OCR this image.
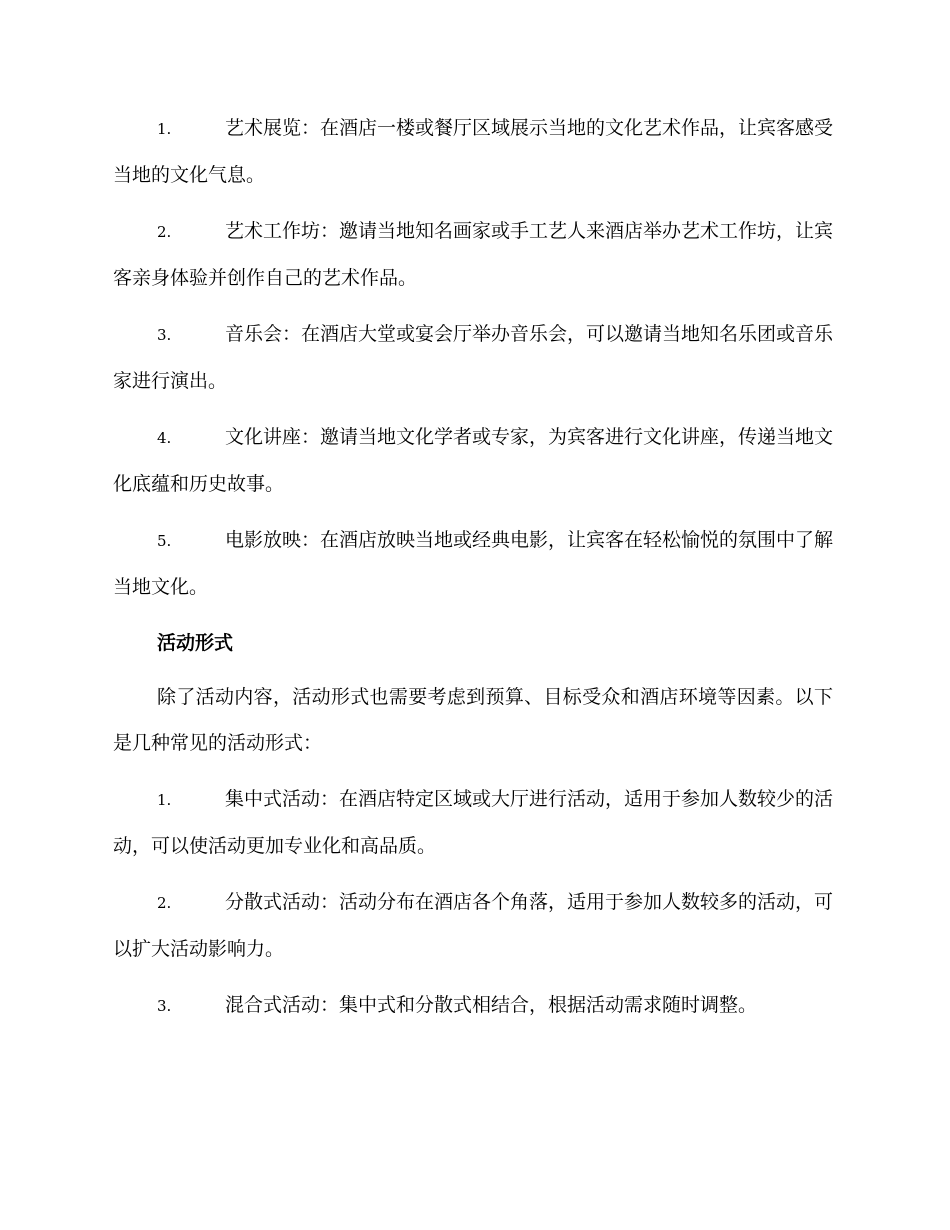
1.	艺术展览：在酒店一楼或餐厅区域展示当地的文化艺术作品，让宾客感受当地的文化气息。
2.	艺术工作坊：邀请当地知名画家或手工艺人来酒店举办艺术工作坊，让宾客亲身体验并创作自己的艺术作品。
3.	音乐会：在酒店大堂或宴会厅举办音乐会，可以邀请当地知名乐团或音乐家进行演出。
4.	文化讲座：邀请当地文化学者或专家，为宾客进行文化讲座，传递当地文化底蕴和历史故事。
5.	电影放映：在酒店放映当地或经典电影，让宾客在轻松愉悦的氛围中了解当地文化。
活动形式
除了活动内容，活动形式也需要考虑到预算、目标受众和酒店环境等因素。以下是几种常见的活动形式：
1.	集中式活动：在酒店特定区域或大厅进行活动，适用于参加人数较少的活动，可以使活动更加专业化和高品质。
2.	分散式活动：活动分布在酒店各个角落，适用于参加人数较多的活动，可以扩大活动影响力。
3.	混合式活动：集中式和分散式相结合，根据活动需求随时调整。
